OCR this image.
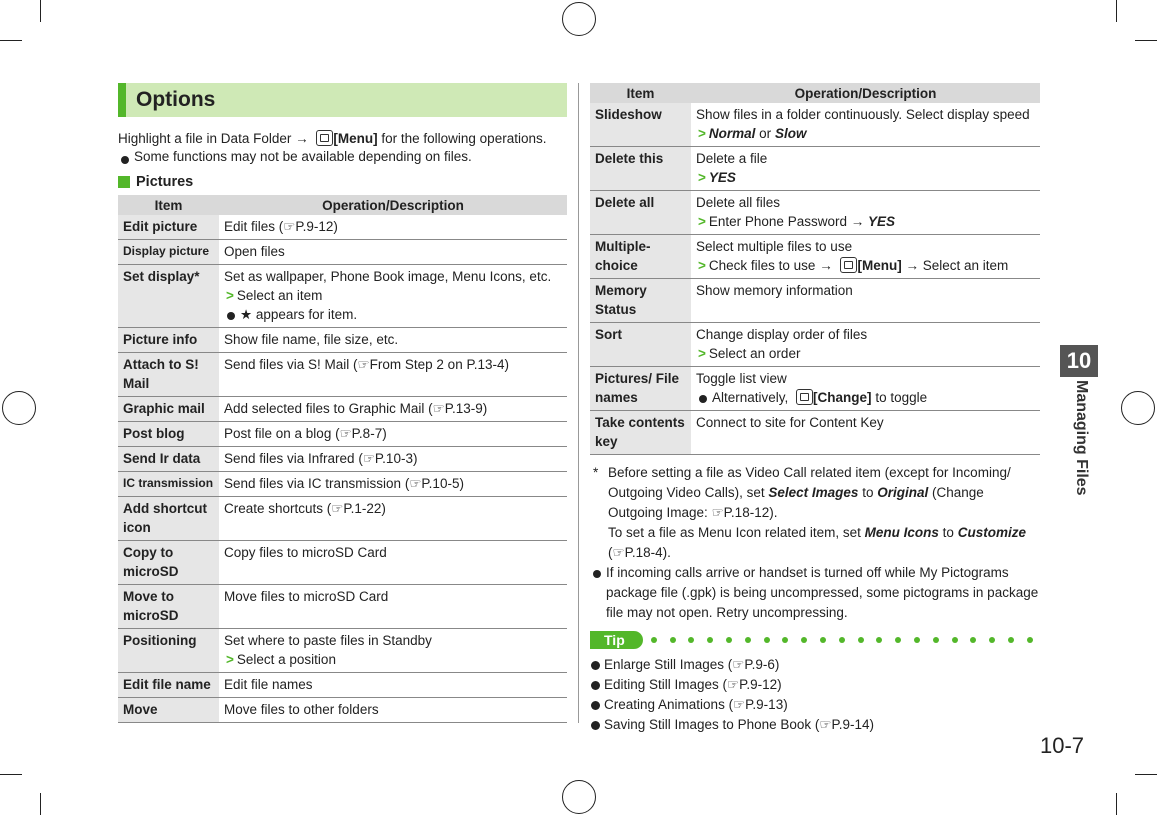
Options
Highlight a file in Data Folder → [Menu] for the following operations.
Some functions may not be available depending on files.
Pictures
Item	Operation/Description
Edit picture	Edit files (☞P.9-12)
Display picture	Open files
Set display*	Set as wallpaper, Phone Book image, Menu Icons, etc.
> Select an item
★ appears for item.

Picture info	Show file name, file size, etc.
Attach to S! Mail	Send files via S! Mail (☞From Step 2 on P.13-4)
Graphic mail	Add selected files to Graphic Mail (☞P.13-9)
Post blog	Post file on a blog (☞P.8-7)
Send Ir data	Send files via Infrared (☞P.10-3)
IC transmission	Send files via IC transmission (☞P.10-5)
Add shortcut icon	Create shortcuts (☞P.1-22)
Copy to microSD	Copy files to microSD Card
Move to microSD	Move files to microSD Card
Positioning	Set where to paste files in Standby
> Select a position

Edit file name	Edit file names
Move	Move files to other folders
Item	Operation/Description
Slideshow	Show files in a folder continuously. Select display speed
> Normal or Slow

Delete this	Delete a file
> YES

Delete all	Delete all files
> Enter Phone Password → YES

Multiple-choice	Select multiple files to use
> Check files to use → [Menu] → Select an item

Memory Status	Show memory information
Sort	Change display order of files
> Select an order

Pictures/ File names	Toggle list view
Alternatively, [Change] to toggle

Take contents key	Connect to site for Content Key
* Before setting a file as Video Call related item (except for Incoming/ Outgoing Video Calls), set Select Images to Original (Change Outgoing Image: ☞P.18-12).
To set a file as Menu Icon related item, set Menu Icons to Customize (☞P.18-4).
If incoming calls arrive or handset is turned off while My Pictograms package file (.gpk) is being uncompressed, some pictograms in package file may not open. Retry uncompressing.
Tip
Enlarge Still Images (☞P.9-6)
Editing Still Images (☞P.9-12)
Creating Animations (☞P.9-13)
Saving Still Images to Phone Book (☞P.9-14)
10
Managing Files
10-7
